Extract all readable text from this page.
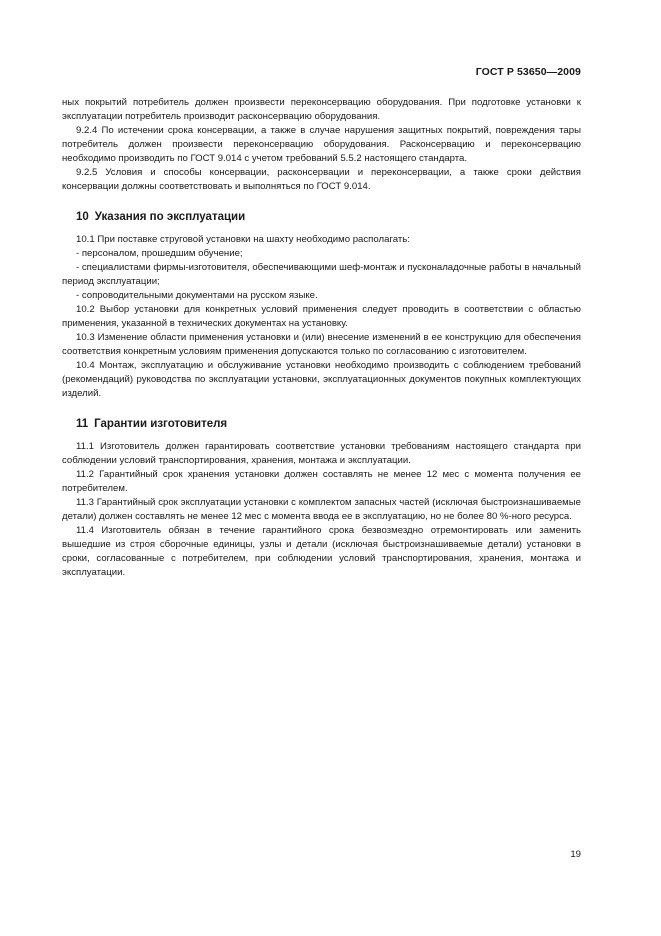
ГОСТ Р 53650—2009

ных покрытий потребитель должен произвести переконсервацию оборудования. При подготовке установки к эксплуатации потребитель производит расконсервацию оборудования.

9.2.4 По истечении срока консервации, а также в случае нарушения защитных покрытий, повреждения тары потребитель должен произвести переконсервацию оборудования. Расконсервацию и переконсервацию необходимо производить по ГОСТ 9.014 с учетом требований 5.5.2 настоящего стандарта.

9.2.5 Условия и способы консервации, расконсервации и переконсервации, а также сроки действия консервации должны соответствовать и выполняться по ГОСТ 9.014.

10 Указания по эксплуатации

10.1 При поставке струговой установки на шахту необходимо располагать:

- персоналом, прошедшим обучение;

- специалистами фирмы-изготовителя, обеспечивающими шеф-монтаж и пусконаладочные работы в начальный период эксплуатации;

- сопроводительными документами на русском языке.

10.2 Выбор установки для конкретных условий применения следует проводить в соответствии с областью применения, указанной в технических документах на установку.

10.3 Изменение области применения установки и (или) внесение изменений в ее конструкцию для обеспечения соответствия конкретным условиям применения допускаются только по согласованию с изготовителем.

10.4 Монтаж, эксплуатацию и обслуживание установки необходимо производить с соблюдением требований (рекомендаций) руководства по эксплуатации установки, эксплуатационных документов покупных комплектующих изделий.

11 Гарантии изготовителя

11.1 Изготовитель должен гарантировать соответствие установки требованиям настоящего стандарта при соблюдении условий транспортирования, хранения, монтажа и эксплуатации.

11.2 Гарантийный срок хранения установки должен составлять не менее 12 мес с момента получения ее потребителем.

11.3 Гарантийный срок эксплуатации установки с комплектом запасных частей (исключая быстроизнашиваемые детали) должен составлять не менее 12 мес с момента ввода ее в эксплуатацию, но не более 80 %-ного ресурса.

11.4 Изготовитель обязан в течение гарантийного срока безвозмездно отремонтировать или заменить вышедшие из строя сборочные единицы, узлы и детали (исключая быстроизнашиваемые детали) установки в сроки, согласованные с потребителем, при соблюдении условий транспортирования, хранения, монтажа и эксплуатации.

19
